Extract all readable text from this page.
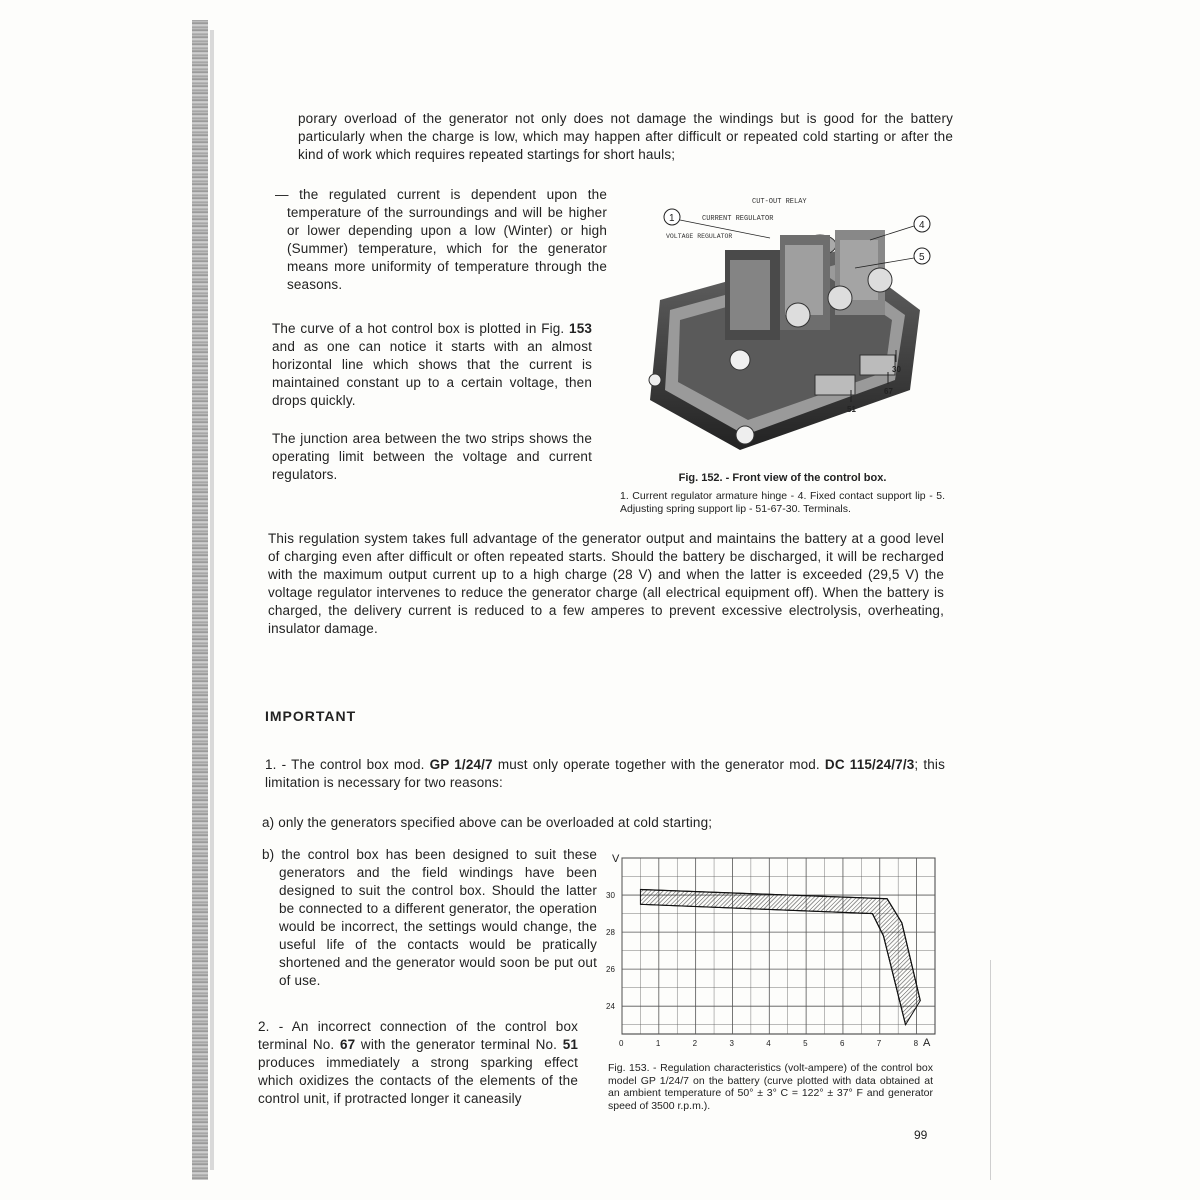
porary overload of the generator not only does not damage the windings but is good for the battery particularly when the charge is low, which may happen after difficult or repeated cold starting or after the kind of work which requires repeated startings for short hauls;

— the regulated current is dependent upon the temperature of the surroundings and will be higher or lower depending upon a low (Winter) or high (Summer) temperature, which for the generator means more uniformity of temperature through the seasons.

The curve of a hot control box is plotted in Fig. 153 and as one can notice it starts with an almost horizontal line which shows that the current is maintained constant up to a certain voltage, then drops quickly.

The junction area between the two strips shows the operating limit between the voltage and current regulators.

CUT-OUT RELAY
CURRENT REGULATOR
VOLTAGE REGULATOR
1
4
5
30
67
51
Fig. 152. - Front view of the control box.
1. Current regulator armature hinge - 4. Fixed contact support lip - 5. Adjusting spring support lip - 51-67-30. Terminals.

This regulation system takes full advantage of the generator output and maintains the battery at a good level of charging even after difficult or often repeated starts. Should the battery be discharged, it will be recharged with the maximum output current up to a high charge (28 V) and when the latter is exceeded (29,5 V) the voltage regulator intervenes to reduce the generator charge (all electrical equipment off). When the battery is charged, the delivery current is reduced to a few amperes to prevent excessive electrolysis, overheating, insulator damage.

IMPORTANT

1. - The control box mod. GP 1/24/7 must only operate together with the generator mod. DC 115/24/7/3; this limitation is necessary for two reasons:

a) only the generators specified above can be overloaded at cold starting;

b) the control box has been designed to suit these generators and the field windings have been designed to suit the control box. Should the latter be connected to a different generator, the operation would be incorrect, the settings would change, the useful life of the contacts would be pratically shortened and the generator would soon be put out of use.

2. - An incorrect connection of the control box terminal No. 67 with the generator terminal No. 51 produces immediately a strong sparking effect which oxidizes the contacts of the elements of the control unit, if protracted longer it caneasily

0	1	2	3	4	5	6	7	8
24
26
28
30
V
A
Fig. 153. - Regulation characteristics (volt-ampere) of the control box model GP 1/24/7 on the battery (curve plotted with data obtained at an ambient temperature of 50° ± 3° C = 122° ± 37° F and generator speed of 3500 r.p.m.).
99
